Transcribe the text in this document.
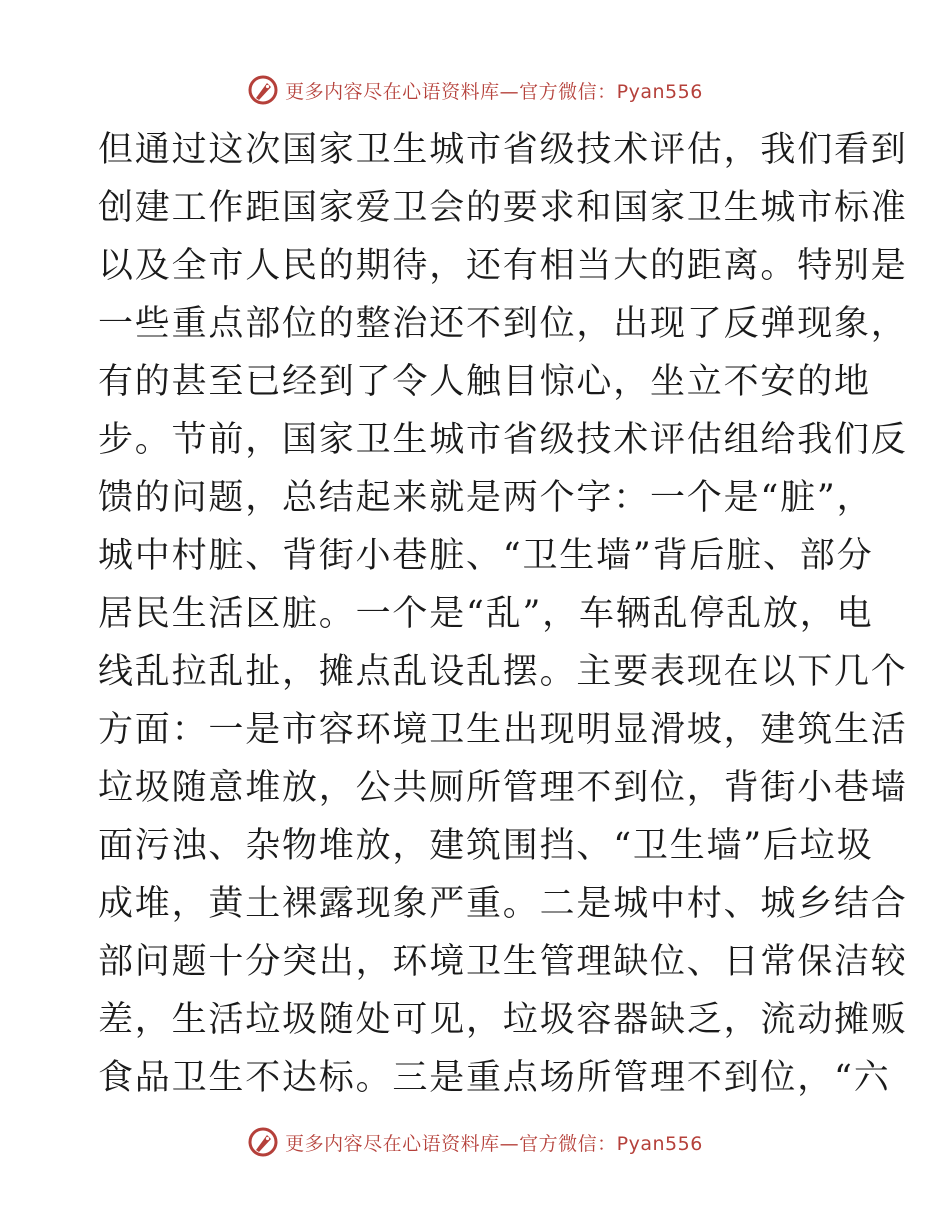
更多内容尽在心语资料库—官方微信：Pyan556
但通过这次国家卫生城市省级技术评估，我们看到
创建工作距国家爱卫会的要求和国家卫生城市标准
以及全市人民的期待，还有相当大的距离。特别是
一些重点部位的整治还不到位，出现了反弹现象，
有的甚至已经到了令人触目惊心，坐立不安的地
步。节前，国家卫生城市省级技术评估组给我们反
馈的问题，总结起来就是两个字：一个是“脏”，
城中村脏、背街小巷脏、“卫生墙”背后脏、部分
居民生活区脏。一个是“乱”，车辆乱停乱放，电
线乱拉乱扯，摊点乱设乱摆。主要表现在以下几个
方面：一是市容环境卫生出现明显滑坡，建筑生活
垃圾随意堆放，公共厕所管理不到位，背街小巷墙
面污浊、杂物堆放，建筑围挡、“卫生墙”后垃圾
成堆，黄土裸露现象严重。二是城中村、城乡结合
部问题十分突出，环境卫生管理缺位、日常保洁较
差，生活垃圾随处可见，垃圾容器缺乏，流动摊贩
食品卫生不达标。三是重点场所管理不到位，“六
更多内容尽在心语资料库—官方微信：Pyan556
